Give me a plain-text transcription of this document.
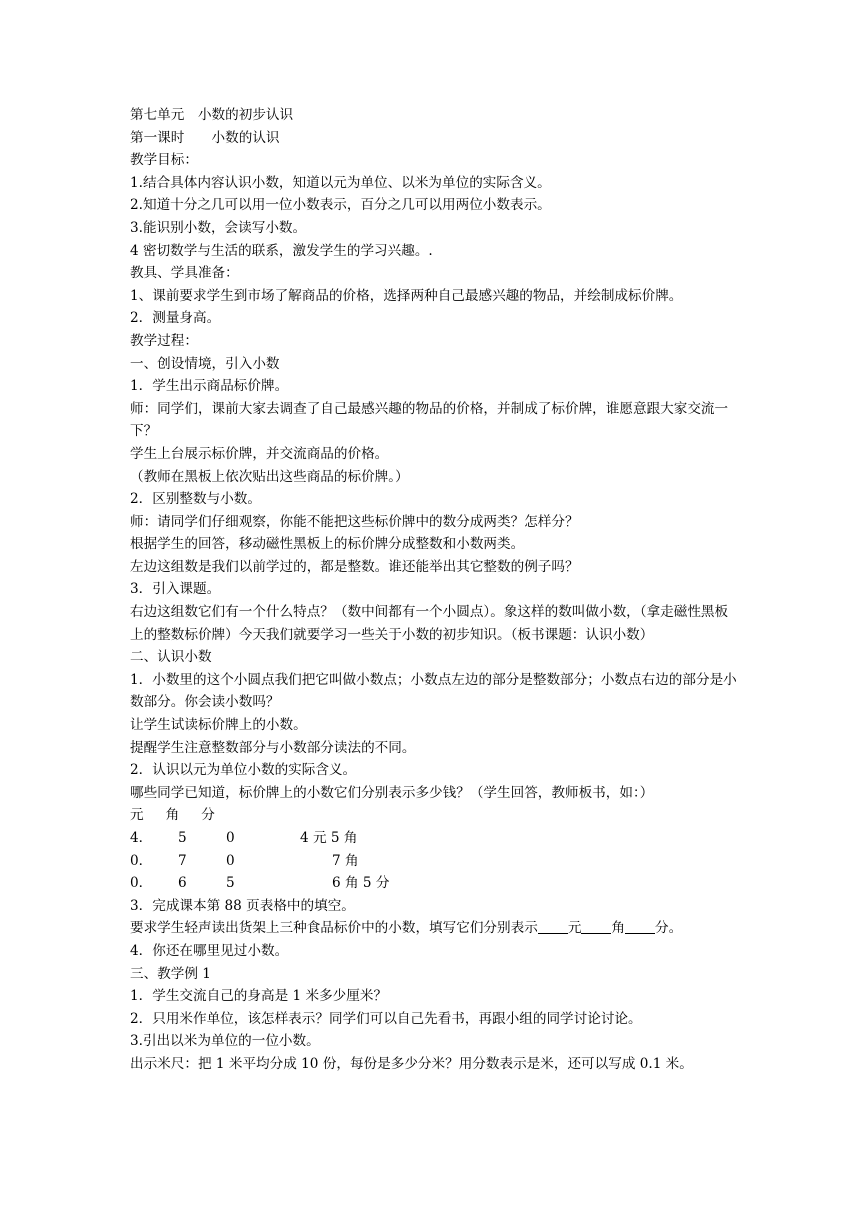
第七单元　小数的初步认识

第一课时　　小数的认识

教学目标：

1.结合具体内容认识小数，知道以元为单位、以米为单位的实际含义。

2.知道十分之几可以用一位小数表示，百分之几可以用两位小数表示。

3.能识别小数，会读写小数。

4 密切数学与生活的联系，激发学生的学习兴趣。.

教具、学具准备：

1、课前要求学生到市场了解商品的价格，选择两种自己最感兴趣的物品，并绘制成标价牌。

2．测量身高。

教学过程：

一、创设情境，引入小数

1．学生出示商品标价牌。

师：同学们，课前大家去调查了自己最感兴趣的物品的价格，并制成了标价牌，谁愿意跟大家交流一下？

学生上台展示标价牌，并交流商品的价格。

（教师在黑板上依次贴出这些商品的标价牌。）

2．区别整数与小数。

师：请同学们仔细观察，你能不能把这些标价牌中的数分成两类？怎样分？

根据学生的回答，移动磁性黑板上的标价牌分成整数和小数两类。

左边这组数是我们以前学过的，都是整数。谁还能举出其它整数的例子吗？

3．引入课题。

右边这组数它们有一个什么特点？（数中间都有一个小圆点）。象这样的数叫做小数，（拿走磁性黑板上的整数标价牌）今天我们就要学习一些关于小数的初步知识。（板书课题：认识小数）

二、认识小数

1．小数里的这个小圆点我们把它叫做小数点；小数点左边的部分是整数部分；小数点右边的部分是小数部分。你会读小数吗？

让学生试读标价牌上的小数。

提醒学生注意整数部分与小数部分读法的不同。

2．认识以元为单位小数的实际含义。

哪些同学已知道，标价牌上的小数它们分别表示多少钱？（学生回答，教师板书，如：）

元 角 分
4．	5	0	4 元 5 角
0．	7	0	7 角
0．	6	5	6 角 5 分

3．完成课本第 88 页表格中的填空。

要求学生轻声读出货架上三种食品标价中的小数，填写它们分别表示 元 角 分。

4．你还在哪里见过小数。

三、教学例 1

1．学生交流自己的身高是 1 米多少厘米？

2．只用米作单位，该怎样表示？同学们可以自己先看书，再跟小组的同学讨论讨论。

3.引出以米为单位的一位小数。

出示米尺：把 1 米平均分成 10 份，每份是多少分米？用分数表示是米，还可以写成 0.1 米。
